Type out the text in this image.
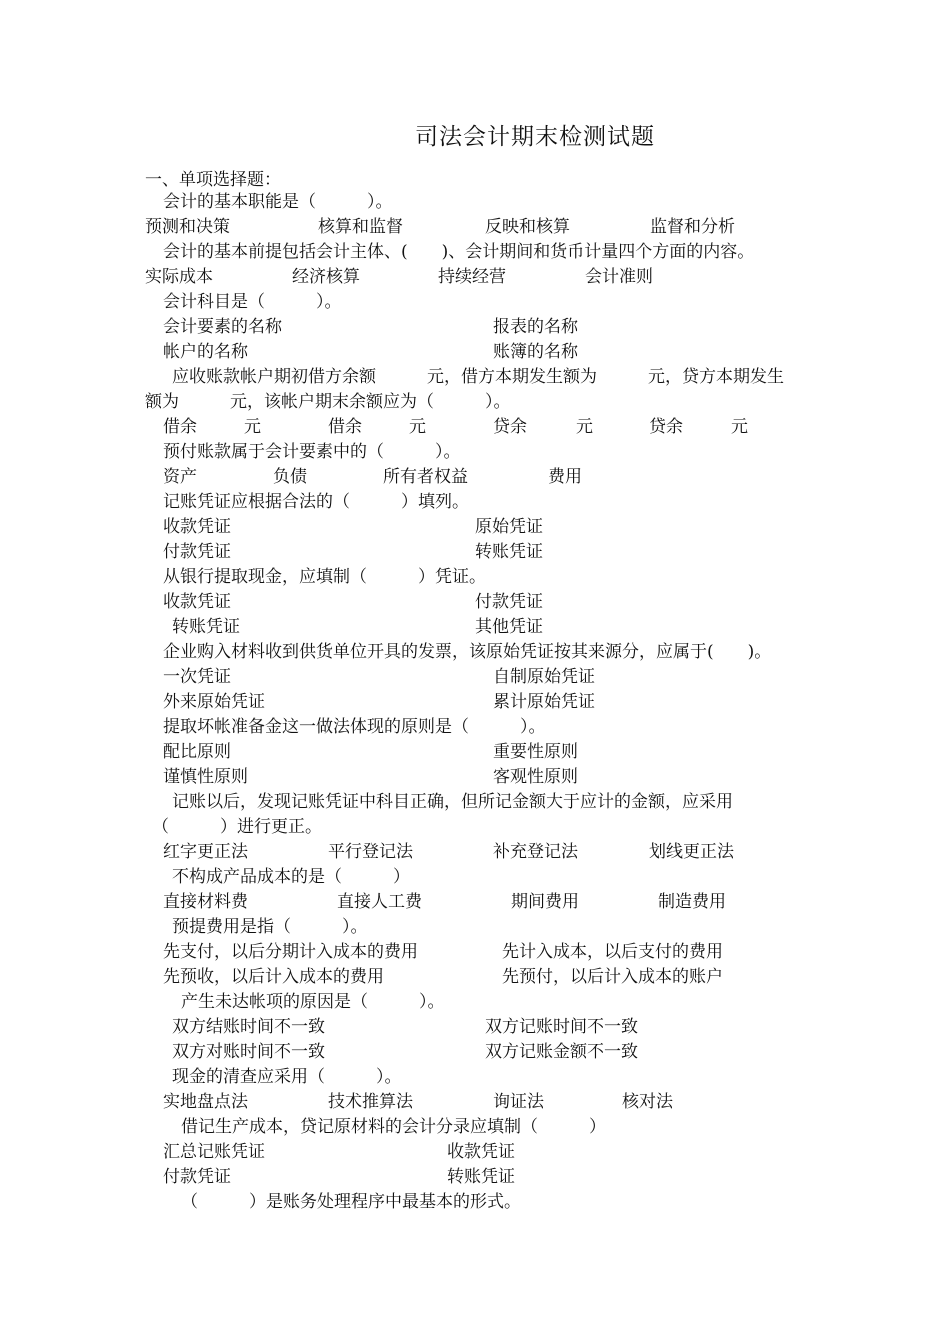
司法会计期末检测试题
一、单项选择题：
会计的基本职能是（　　　）。
预测和决策	核算和监督	反映和核算	监督和分析
会计的基本前提包括会计主体、(　　)、会计期间和货币计量四个方面的内容。
实际成本	经济核算	持续经营	会计准则
会计科目是（　　　）。
会计要素的名称	报表的名称
帐户的名称	账簿的名称
应收账款帐户期初借方余额　　　元，借方本期发生额为　　　元，贷方本期发生
额为　　　元，该帐户期末余额应为（　　　）。
借余	元	借余	元	贷余	元	贷余	元
预付账款属于会计要素中的（　　　）。
资产	负债	所有者权益	费用
记账凭证应根据合法的（　　　）填列。
收款凭证	原始凭证
付款凭证	转账凭证
从银行提取现金，应填制（　　　）凭证。
收款凭证	付款凭证
转账凭证	其他凭证
企业购入材料收到供货单位开具的发票，该原始凭证按其来源分，应属于(　　)。
一次凭证	自制原始凭证
外来原始凭证	累计原始凭证
提取坏帐准备金这一做法体现的原则是（　　　）。
配比原则	重要性原则
谨慎性原则	客观性原则
记账以后，发现记账凭证中科目正确，但所记金额大于应计的金额，应采用
（　　　）进行更正。
红字更正法	平行登记法	补充登记法	划线更正法
不构成产品成本的是（　　　）
直接材料费	直接人工费	期间费用	制造费用
预提费用是指（　　　）。
先支付，以后分期计入成本的费用	先计入成本，以后支付的费用
先预收，以后计入成本的费用	先预付，以后计入成本的账户
产生未达帐项的原因是（　　　）。
双方结账时间不一致	双方记账时间不一致
双方对账时间不一致	双方记账金额不一致
现金的清查应采用（　　　）。
实地盘点法	技术推算法	询证法	核对法
借记生产成本，贷记原材料的会计分录应填制（　　　）
汇总记账凭证	收款凭证
付款凭证	转账凭证
（　　　）是账务处理程序中最基本的形式。
